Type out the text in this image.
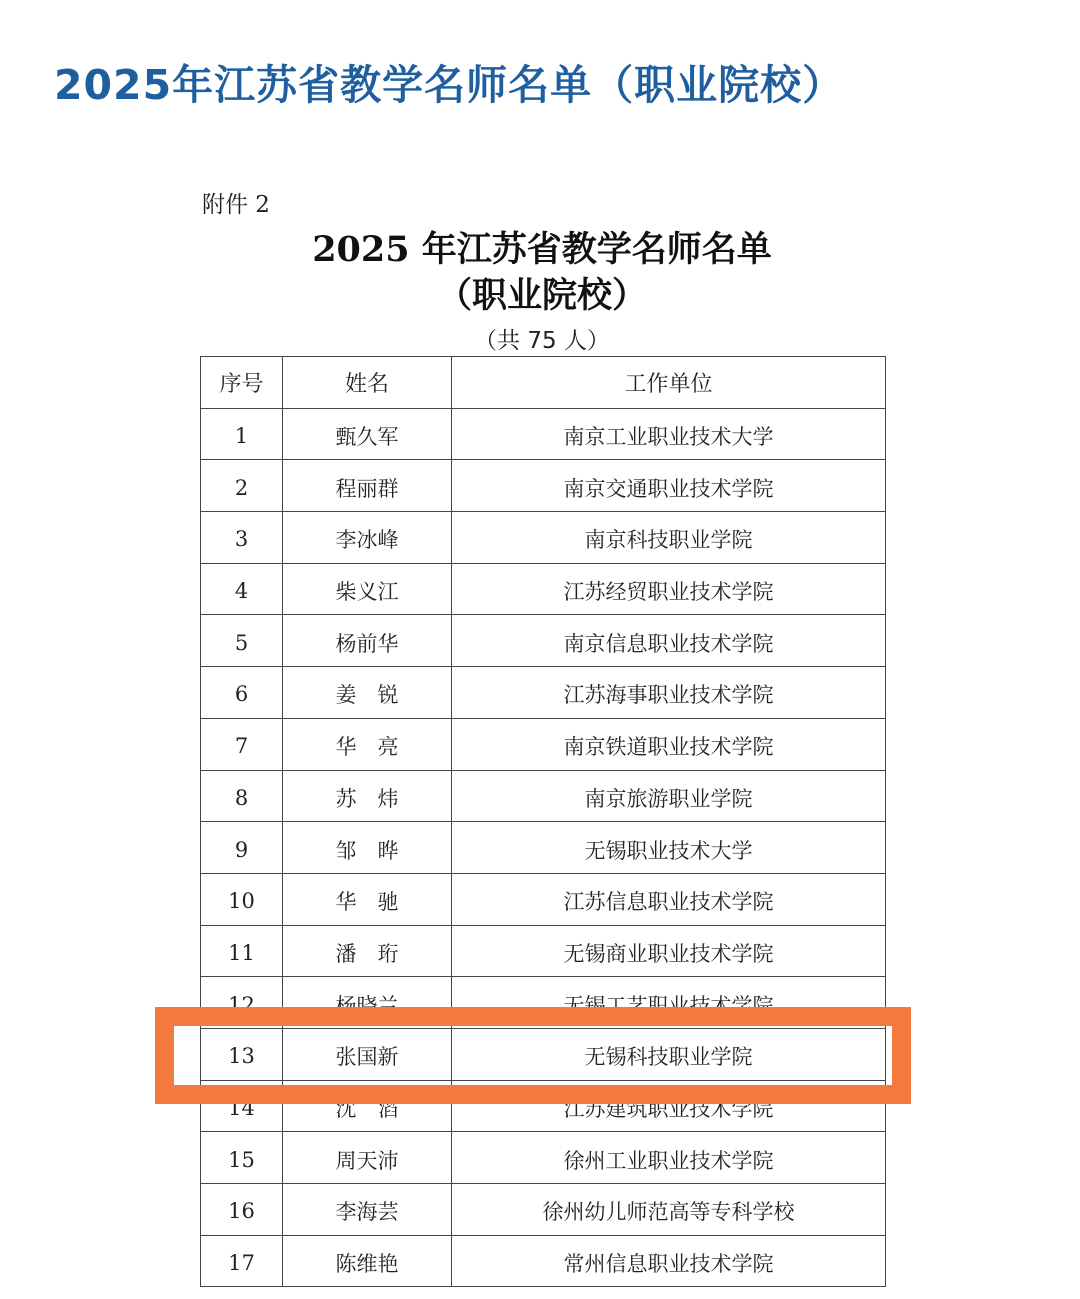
2025年江苏省教学名师名单（职业院校）
附件 2
2025 年江苏省教学名师名单
（职业院校）
（共 75 人）
序号	姓名	工作单位
1	甄久军	南京工业职业技术大学
2	程丽群	南京交通职业技术学院
3	李冰峰	南京科技职业学院
4	柴义江	江苏经贸职业技术学院
5	杨前华	南京信息职业技术学院
6	姜　锐	江苏海事职业技术学院
7	华　亮	南京铁道职业技术学院
8	苏　炜	南京旅游职业学院
9	邹　晔	无锡职业技术大学
10	华　驰	江苏信息职业技术学院
11	潘　珩	无锡商业职业技术学院
12	杨晓兰	无锡工艺职业技术学院
13	张国新	无锡科技职业学院
14	沈　滔	江苏建筑职业技术学院
15	周天沛	徐州工业职业技术学院
16	李海芸	徐州幼儿师范高等专科学校
17	陈维艳	常州信息职业技术学院
